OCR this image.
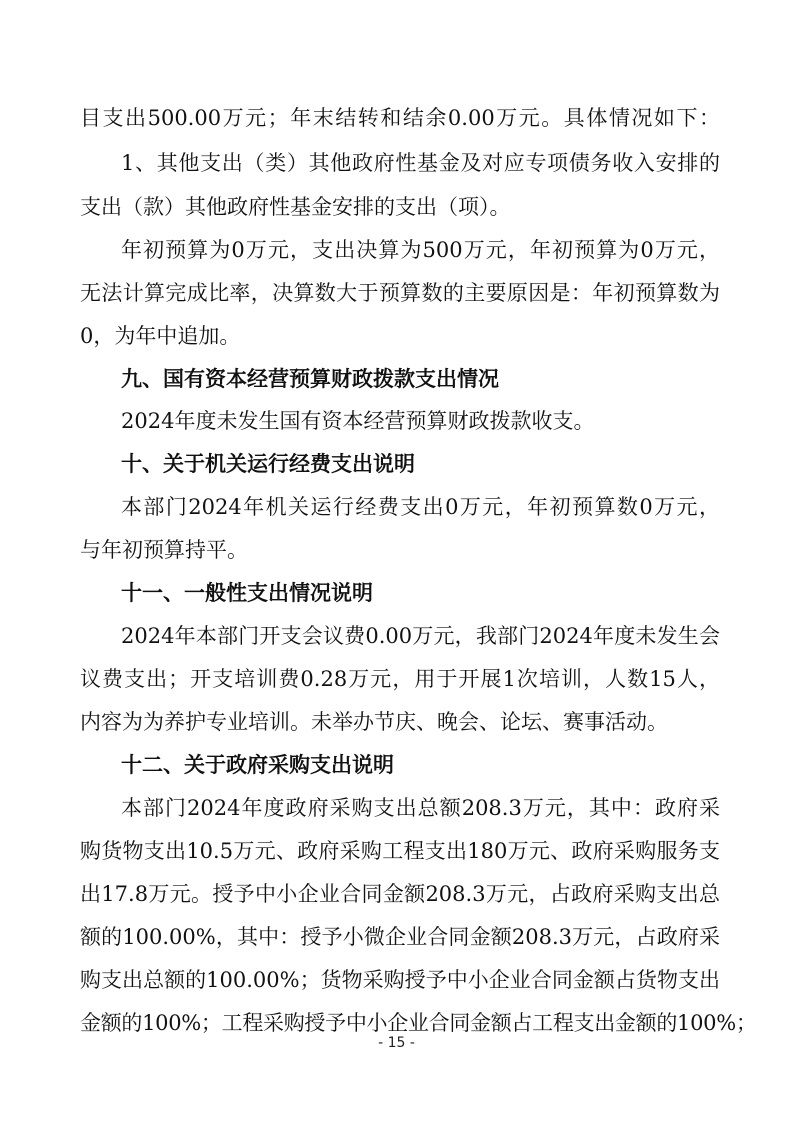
目支出500.00万元；年末结转和结余0.00万元。具体情况如下：
1、其他支出（类）其他政府性基金及对应专项债务收入安排的
支出（款）其他政府性基金安排的支出（项）。
年初预算为0万元，支出决算为500万元，年初预算为0万元，
无法计算完成比率，决算数大于预算数的主要原因是：年初预算数为
0，为年中追加。
九、国有资本经营预算财政拨款支出情况
2024年度未发生国有资本经营预算财政拨款收支。
十、关于机关运行经费支出说明
本部门2024年机关运行经费支出0万元，年初预算数0万元，
与年初预算持平。
十一、一般性支出情况说明
2024年本部门开支会议费0.00万元，我部门2024年度未发生会
议费支出；开支培训费0.28万元，用于开展1次培训，人数15人，
内容为为养护专业培训。未举办节庆、晚会、论坛、赛事活动。
十二、关于政府采购支出说明
本部门2024年度政府采购支出总额208.3万元，其中：政府采
购货物支出10.5万元、政府采购工程支出180万元、政府采购服务支
出17.8万元。授予中小企业合同金额208.3万元，占政府采购支出总
额的100.00%，其中：授予小微企业合同金额208.3万元，占政府采
购支出总额的100.00%；货物采购授予中小企业合同金额占货物支出
金额的100%；工程采购授予中小企业合同金额占工程支出金额的100%；
- 15 -
